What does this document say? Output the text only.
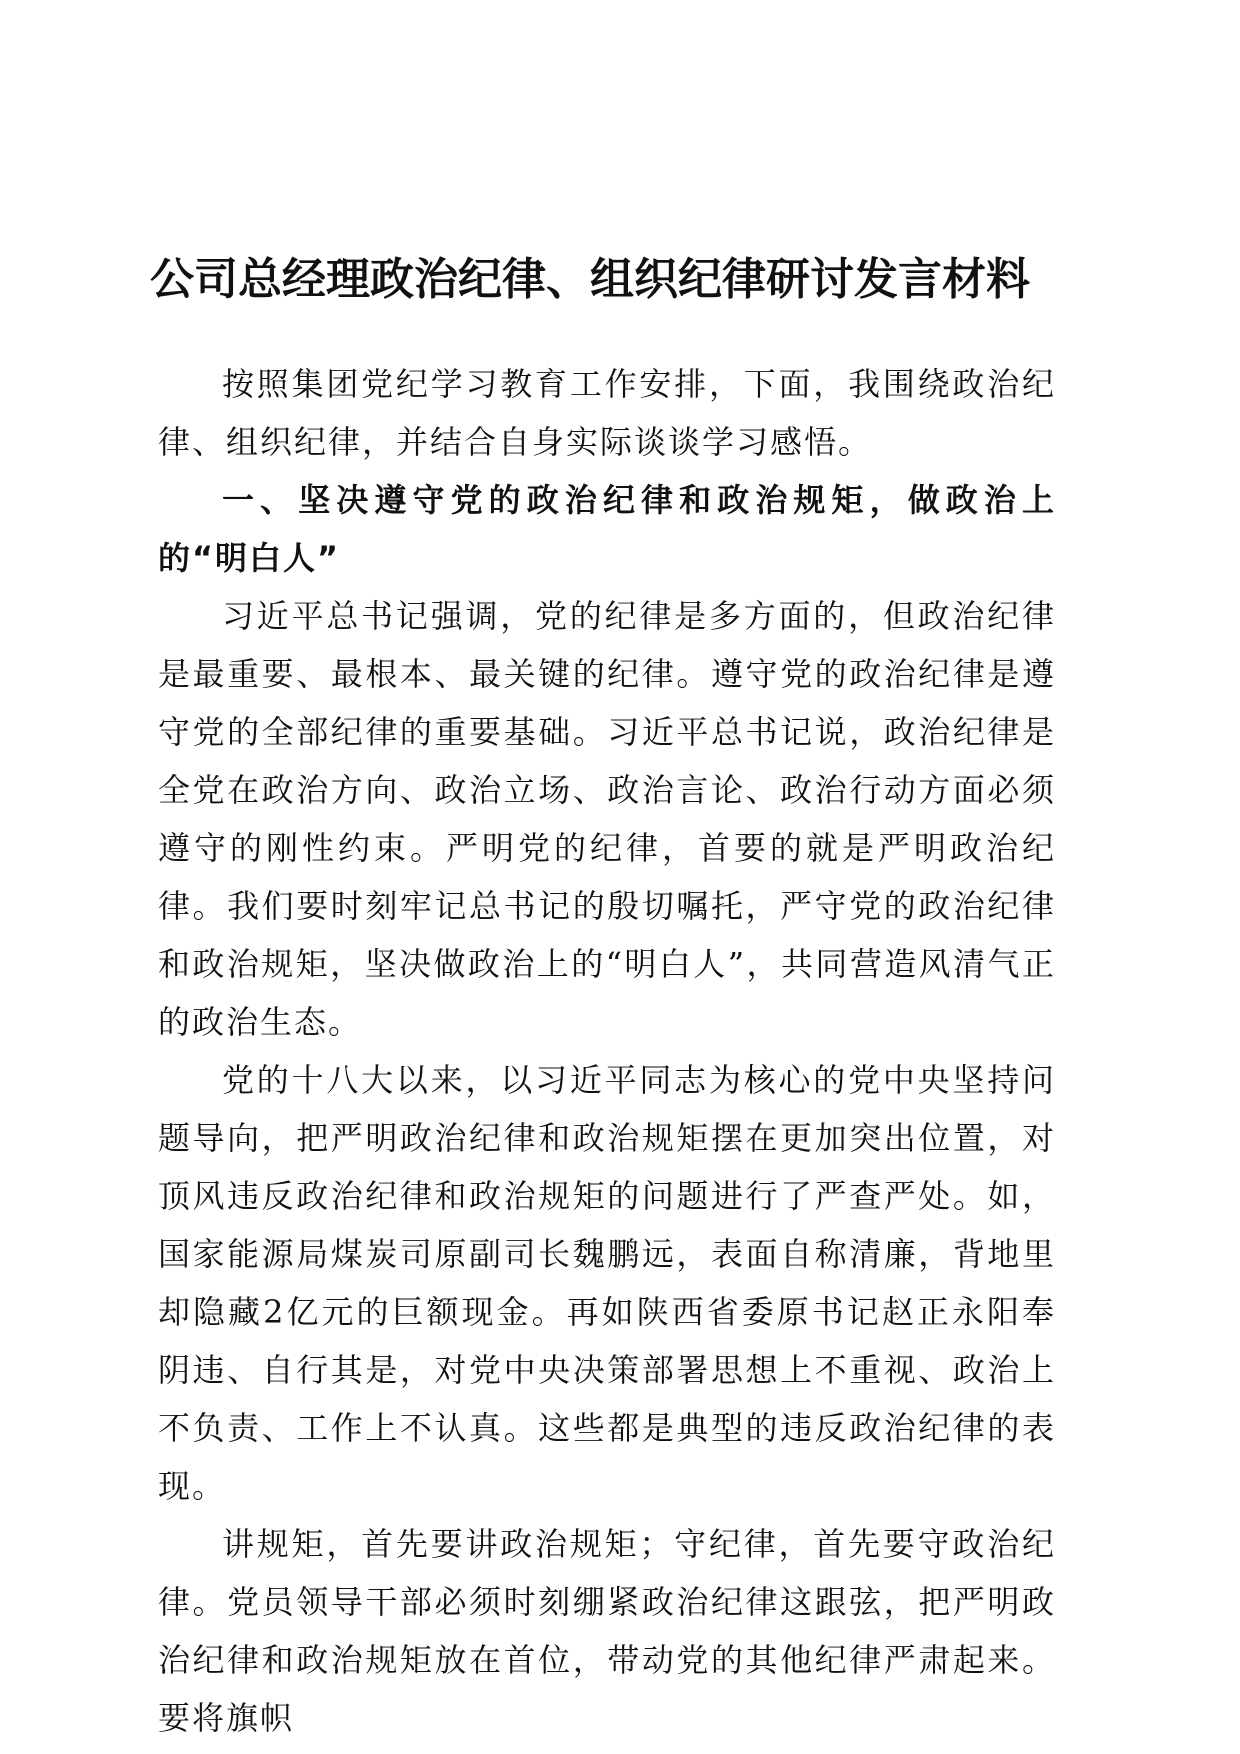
公司总经理政治纪律、组织纪律研讨发言材料

按照集团党纪学习教育工作安排，下面，我围绕政治纪律、组织纪律，并结合自身实际谈谈学习感悟。

一、坚决遵守党的政治纪律和政治规矩，做政治上的“明白人”

习近平总书记强调，党的纪律是多方面的，但政治纪律是最重要、最根本、最关键的纪律。遵守党的政治纪律是遵守党的全部纪律的重要基础。习近平总书记说，政治纪律是全党在政治方向、政治立场、政治言论、政治行动方面必须遵守的刚性约束。严明党的纪律，首要的就是严明政治纪律。我们要时刻牢记总书记的殷切嘱托，严守党的政治纪律和政治规矩，坚决做政治上的“明白人”，共同营造风清气正的政治生态。

党的十八大以来，以习近平同志为核心的党中央坚持问题导向，把严明政治纪律和政治规矩摆在更加突出位置，对顶风违反政治纪律和政治规矩的问题进行了严查严处。如，国家能源局煤炭司原副司长魏鹏远，表面自称清廉，背地里却隐藏2亿元的巨额现金。再如陕西省委原书记赵正永阳奉阴违、自行其是，对党中央决策部署思想上不重视、政治上不负责、工作上不认真。这些都是典型的违反政治纪律的表现。

讲规矩，首先要讲政治规矩；守纪律，首先要守政治纪律。党员领导干部必须时刻绷紧政治纪律这跟弦，把严明政治纪律和政治规矩放在首位，带动党的其他纪律严肃起来。要将旗帜
